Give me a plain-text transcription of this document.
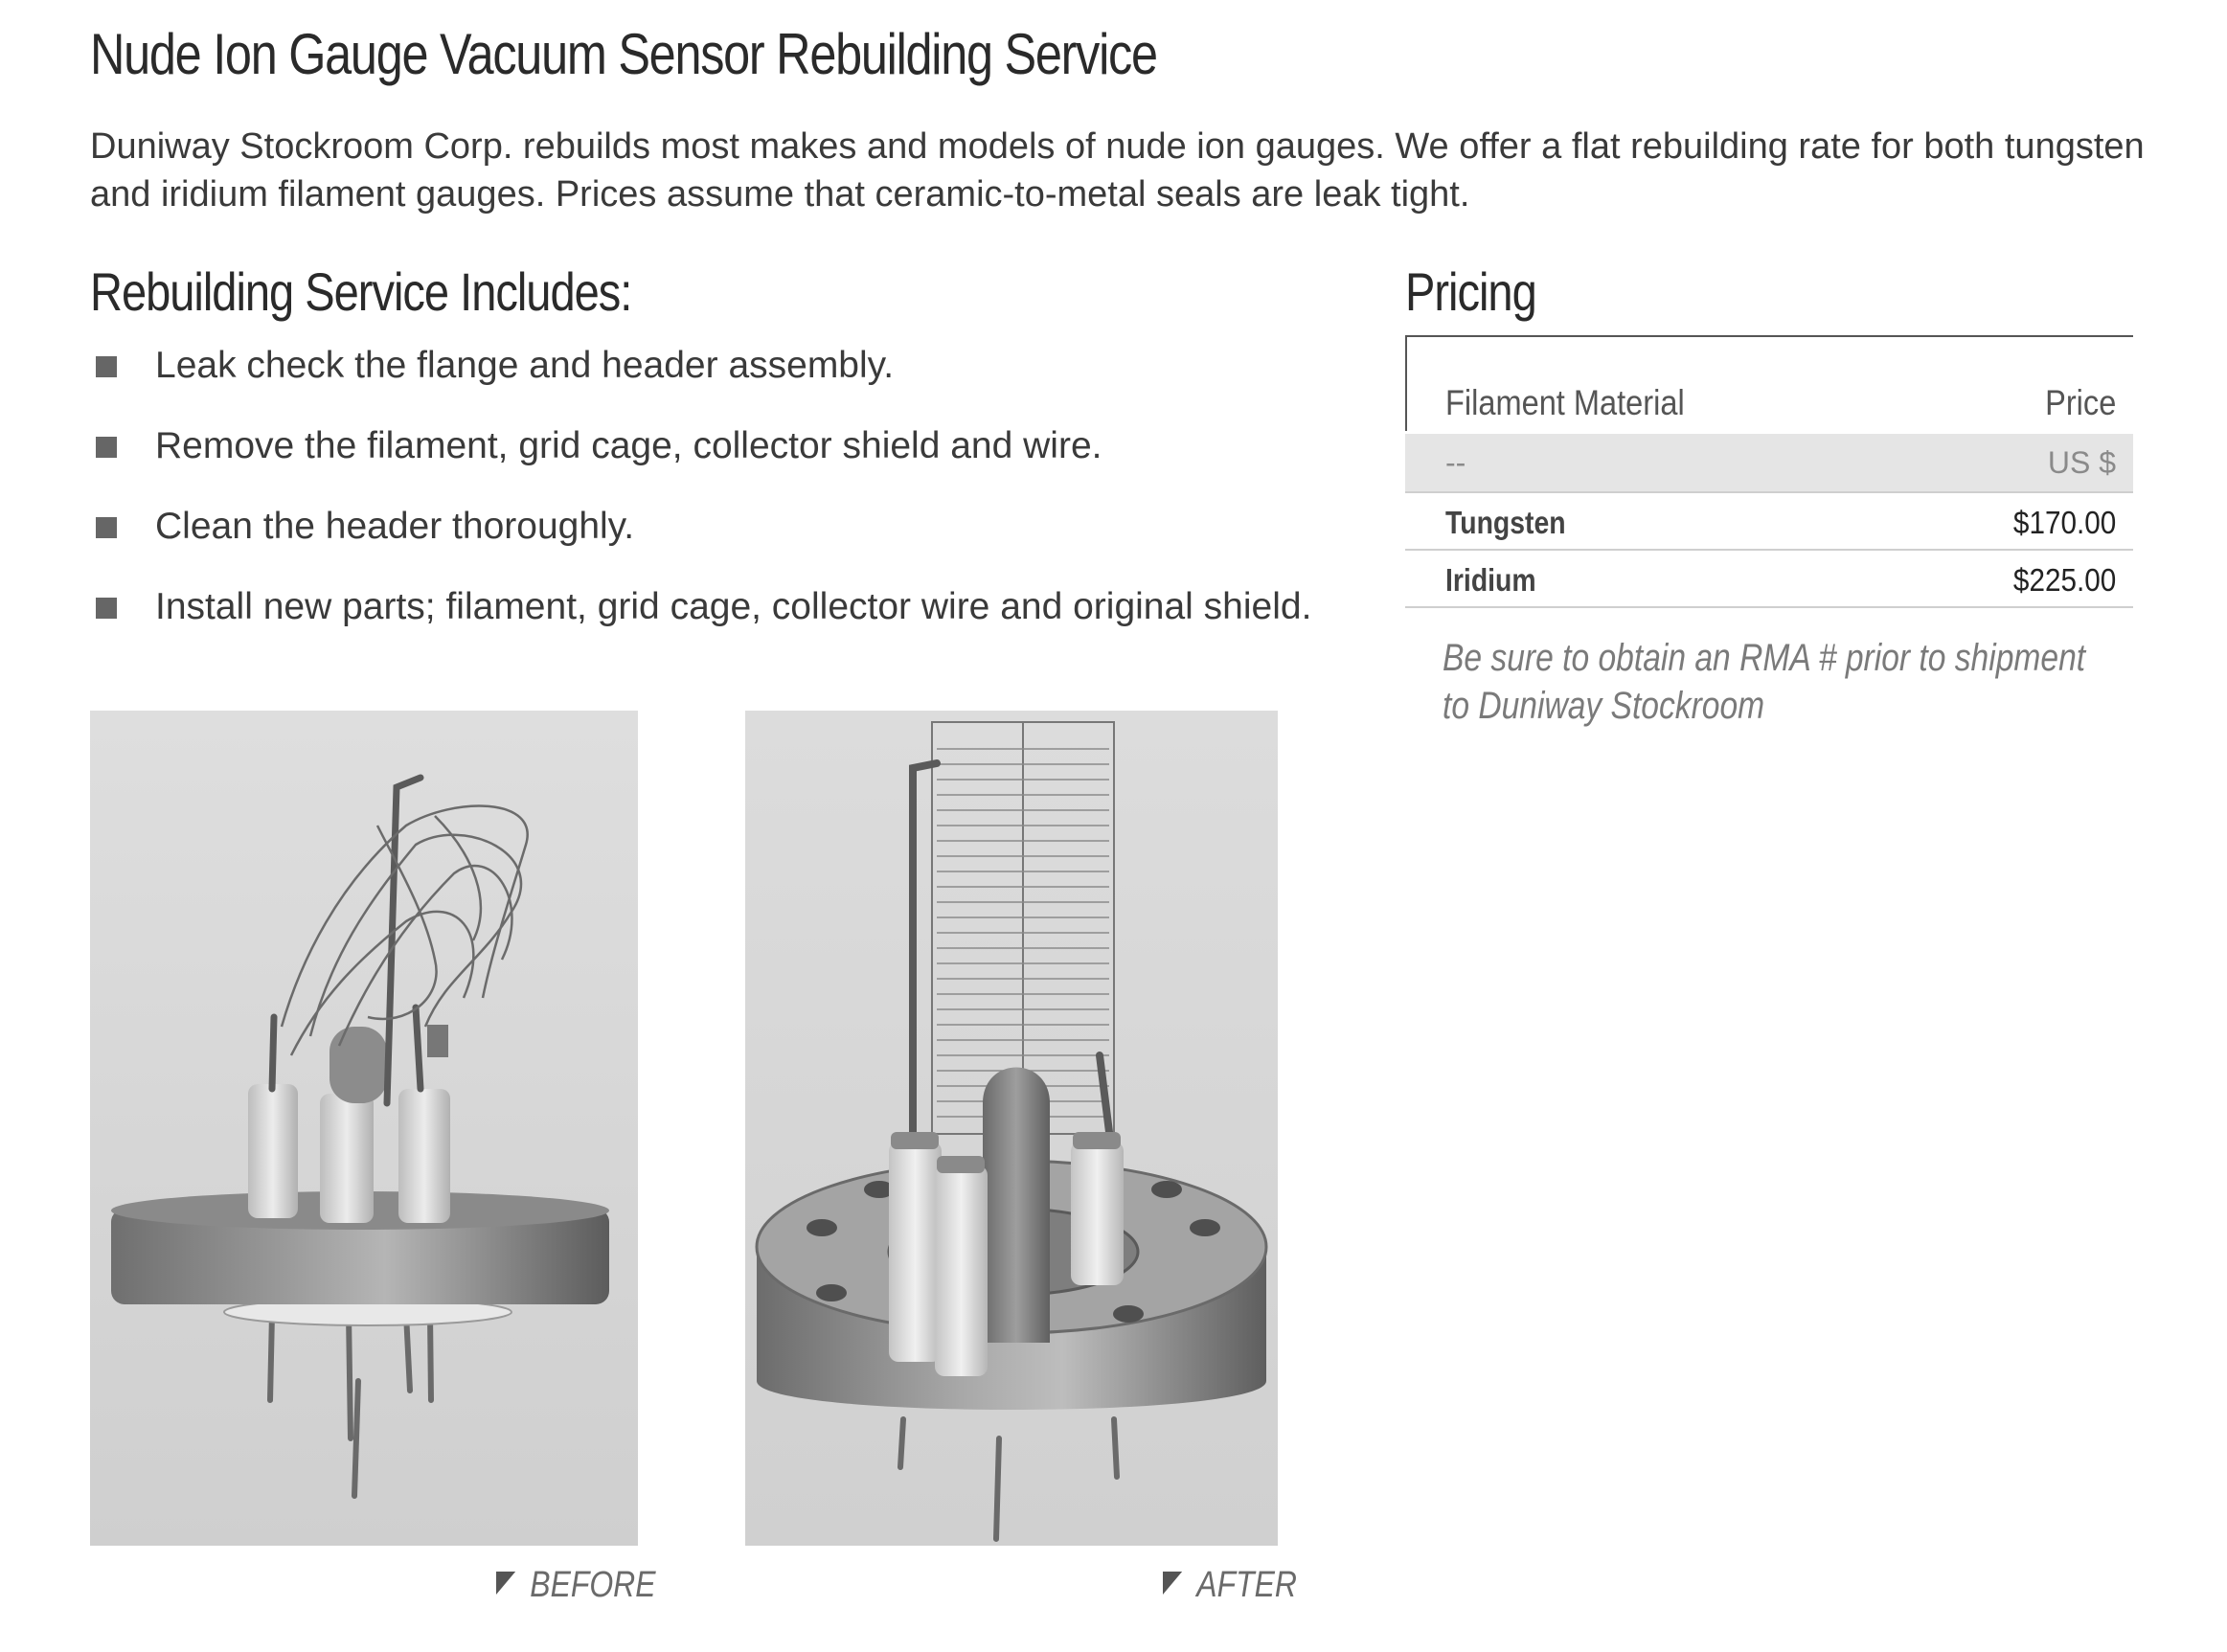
Nude Ion Gauge Vacuum Sensor Rebuilding Service

Duniway Stockroom Corp. rebuilds most makes and models of nude ion gauges. We offer a flat rebuilding rate for both tungsten and iridium filament gauges. Prices assume that ceramic-to-metal seals are leak tight.

Rebuilding Service Includes:
Leak check the flange and header assembly.
Remove the filament, grid cage, collector shield and wire.
Clean the header thoroughly.
Install new parts; filament, grid cage, collector wire and original shield.
Pricing
Filament Material	Price
--	US $
Tungsten	$170.00
Iridium	$225.00
Be sure to obtain an RMA # prior to shipment
to Duniway Stockroom
BEFORE	AFTER
